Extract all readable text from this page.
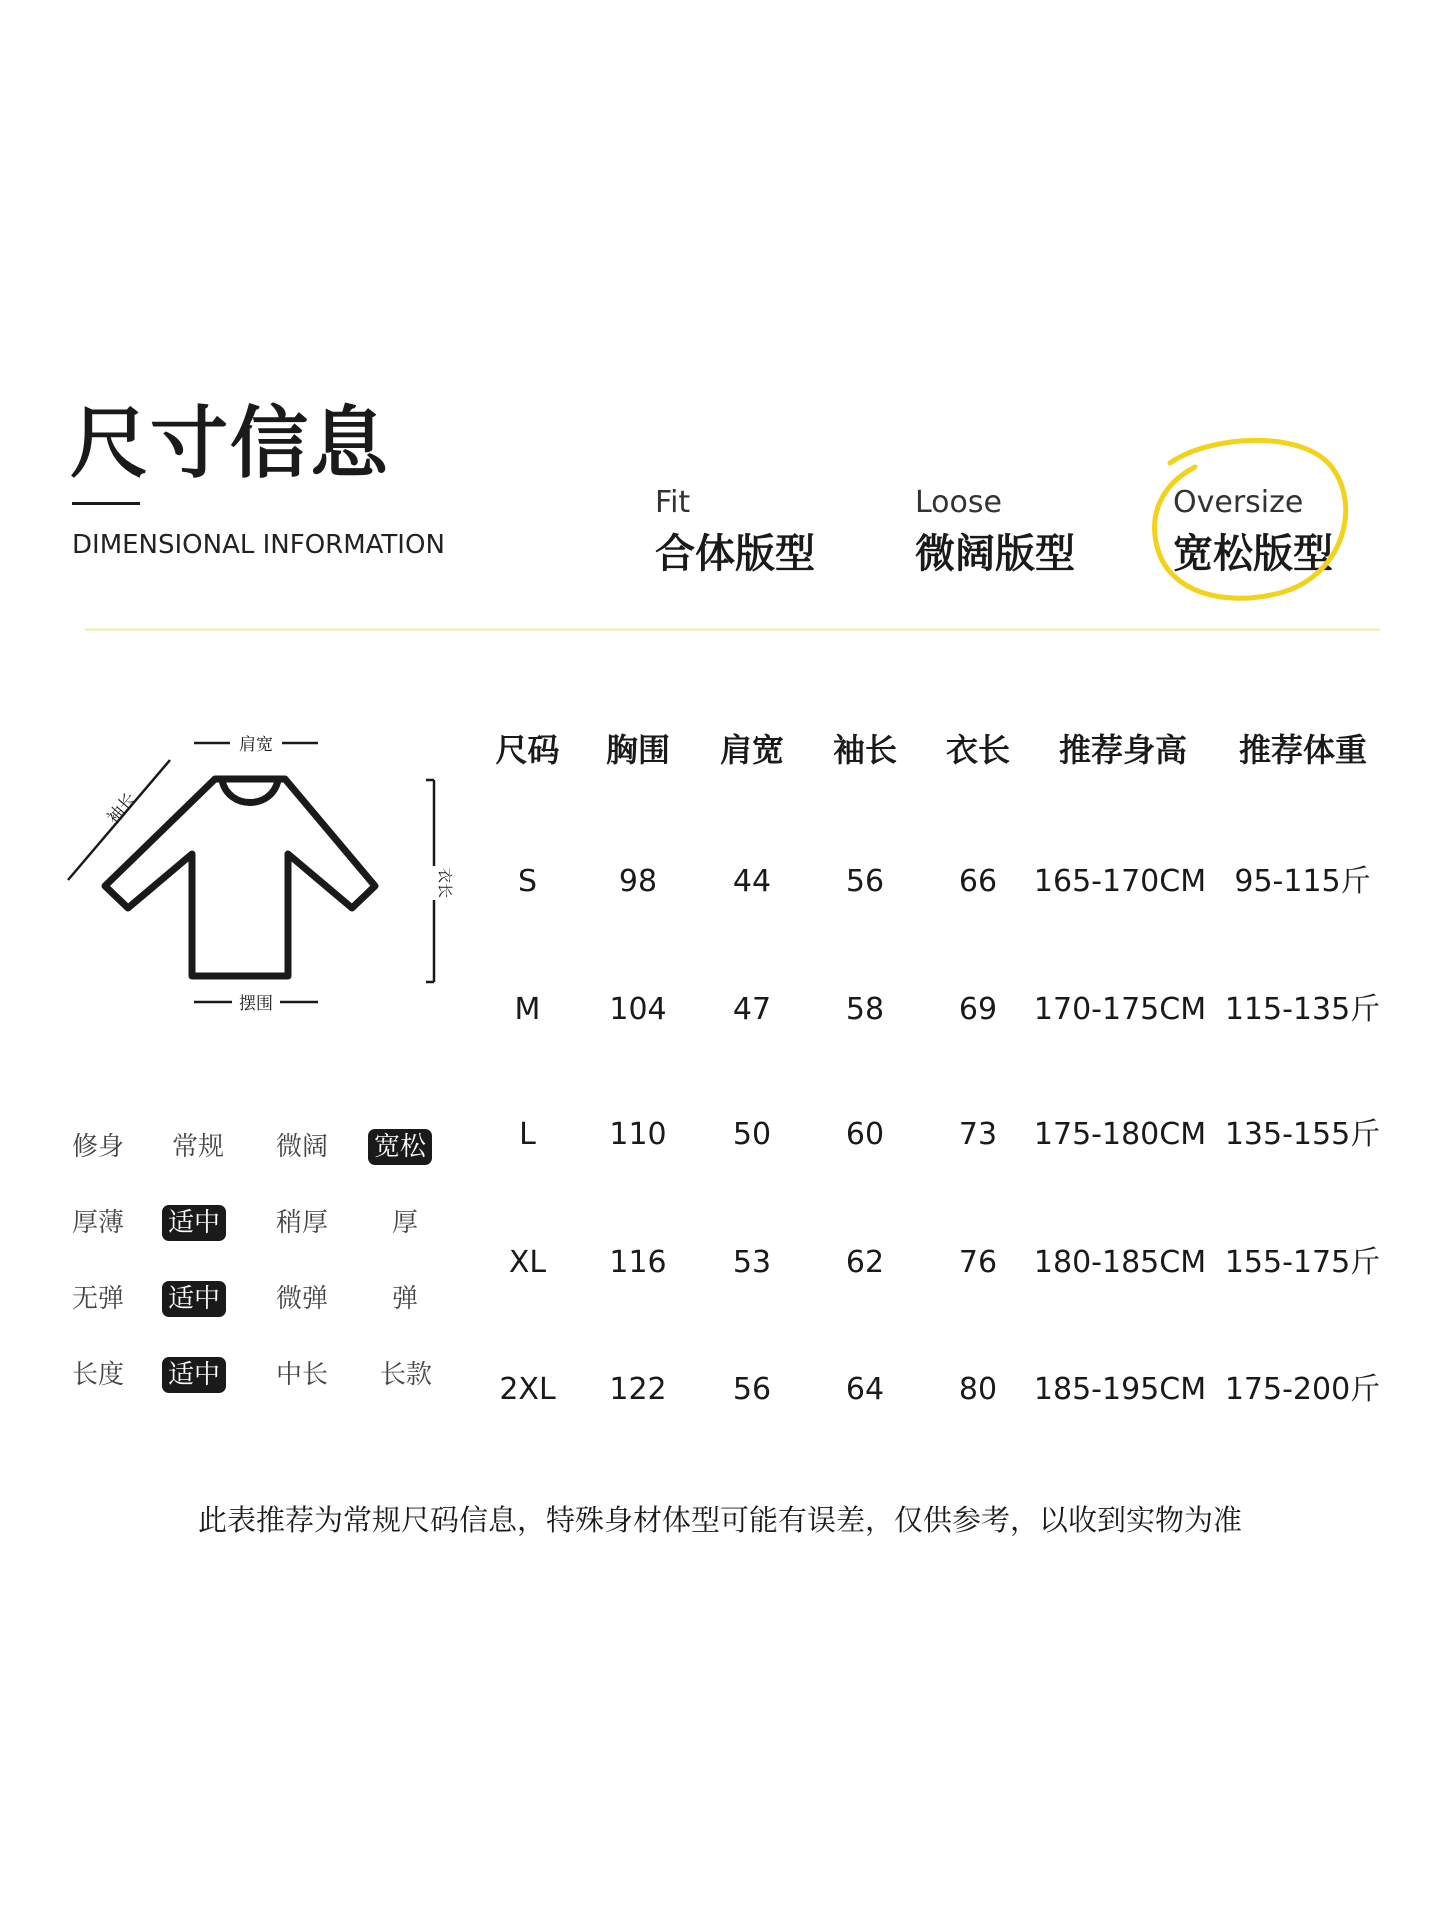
尺寸信息
DIMENSIONAL INFORMATION
Fit
合体版型
Loose
微阔版型
Oversize
宽松版型
肩宽
袖长
衣长
摆围
尺码 胸围 肩宽 袖长 衣长	推荐身高	推荐体重
S	98	44	56	66	165-170CM 95-115斤
M	104	47	58	69	170-175CM 115-135斤
L	110	50	60	73	175-180CM 135-155斤
XL	116	53	62	76	180-185CM 155-175斤
2XL	122	56	64	80	185-195CM 175-200斤
修身 常规 微阔 宽松
厚薄 适中 稍厚 厚
无弹 适中 微弹 弹
长度 适中 中长 长款
此表推荐为常规尺码信息，特殊身材体型可能有误差，仅供参考，以收到实物为准
